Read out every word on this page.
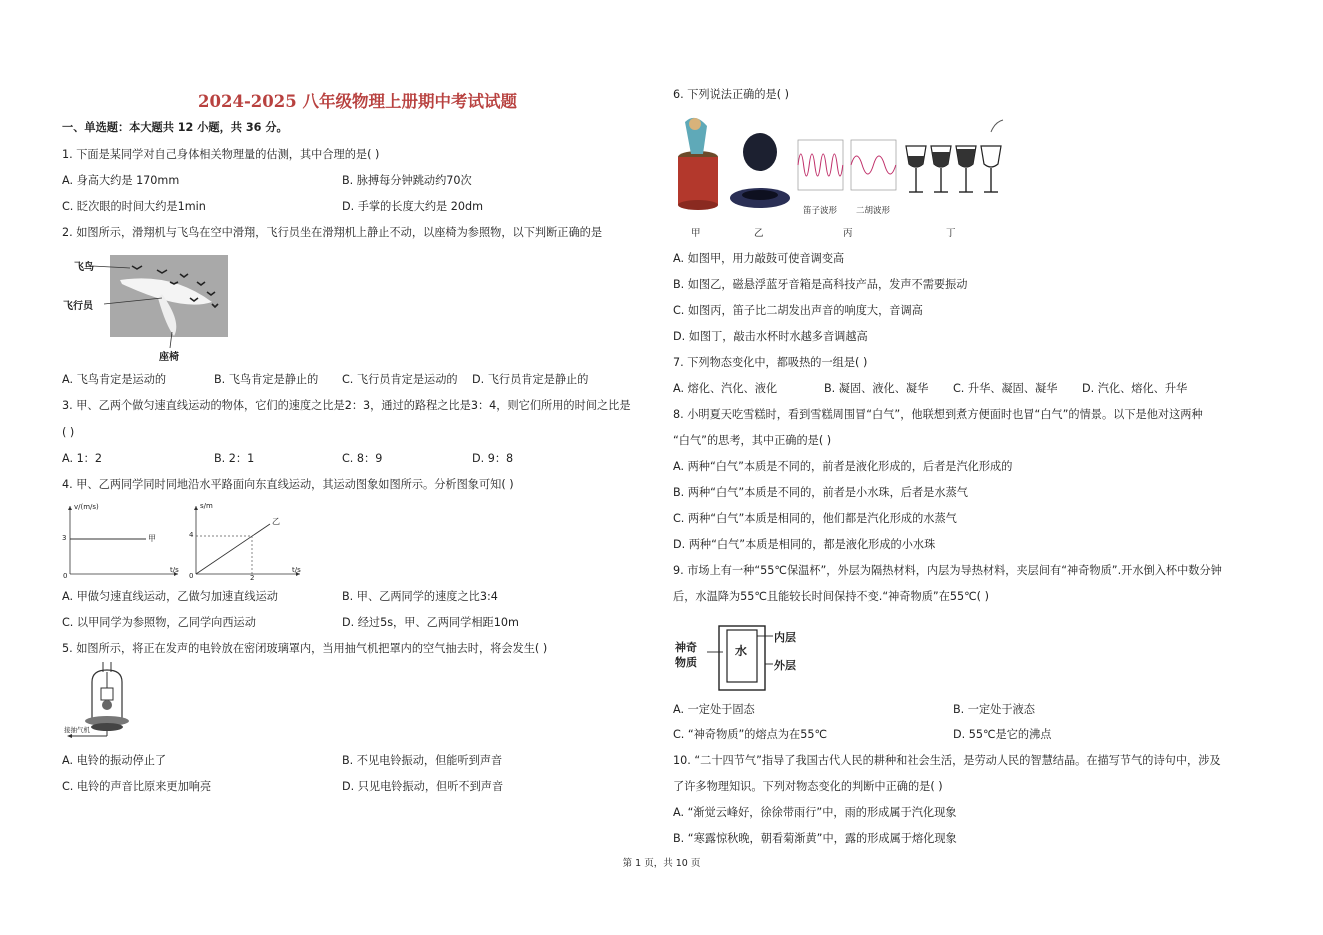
2024-2025 八年级物理上册期中考试试题
一、单选题：本大题共 12 小题，共 36 分。
1. 下面是某同学对自己身体相关物理量的估测，其中合理的是( )
A. 身高大约是 170mm	B. 脉搏每分钟跳动约70次
C. 眨次眼的时间大约是1min	D. 手掌的长度大约是 20dm
2. 如图所示，滑翔机与飞鸟在空中滑翔，飞行员坐在滑翔机上静止不动，以座椅为参照物，以下判断正确的是
飞鸟
飞行员
座椅
A. 飞鸟肯定是运动的	B. 飞鸟肯定是静止的 C. 飞行员肯定是运动的 D. 飞行员肯定是静止的
3. 甲、乙两个做匀速直线运动的物体，它们的速度之比是2：3，通过的路程之比是3：4，则它们所用的时间之比是
( )
A. 1：2	B. 2：1	C. 8：9	D. 9：8
4. 甲、乙两同学同时同地沿水平路面向东直线运动，其运动图象如图所示。分析图象可知( )
v/(m/s)
3
0
甲
t/s
s/m
4
0	2
乙
t/s
A. 甲做匀速直线运动，乙做匀加速直线运动	B. 甲、乙两同学的速度之比3:4
C. 以甲同学为参照物，乙同学向西运动	D. 经过5s，甲、乙两同学相距10m
5. 如图所示，将正在发声的电铃放在密闭玻璃罩内，当用抽气机把罩内的空气抽去时，将会发生( )
接抽气机
A. 电铃的振动停止了	B. 不见电铃振动，但能听到声音
C. 电铃的声音比原来更加响亮	D. 只见电铃振动，但听不到声音
6. 下列说法正确的是( )
笛子波形 二胡波形
甲	乙	丙	丁
A. 如图甲，用力敲鼓可使音调变高
B. 如图乙，磁悬浮蓝牙音箱是高科技产品，发声不需要振动
C. 如图丙，笛子比二胡发出声音的响度大，音调高
D. 如图丁，敲击水杯时水越多音调越高
7. 下列物态变化中，都吸热的一组是( )
A. 熔化、汽化、液化	B. 凝固、液化、凝华 C. 升华、凝固、凝华 D. 汽化、熔化、升华
8. 小明夏天吃雪糕时，看到雪糕周围冒“白气”，他联想到煮方便面时也冒“白气”的情景。以下是他对这两种
“白气”的思考，其中正确的是( )
A. 两种“白气”本质是不同的，前者是液化形成的，后者是汽化形成的
B. 两种“白气”本质是不同的，前者是小水珠，后者是水蒸气
C. 两种“白气”本质是相同的，他们都是汽化形成的水蒸气
D. 两种“白气”本质是相同的，都是液化形成的小水珠
9. 市场上有一种“55℃保温杯”，外层为隔热材料，内层为导热材料，夹层间有“神奇物质”.开水倒入杯中数分钟
后，水温降为55℃且能较长时间保持不变.“神奇物质”在55℃( )
神奇
物质
水
内层
外层
A. 一定处于固态	B. 一定处于液态
C. “神奇物质”的熔点为在55℃	D. 55℃是它的沸点
10. “二十四节气”指导了我国古代人民的耕种和社会生活，是劳动人民的智慧结晶。在描写节气的诗句中，涉及
了许多物理知识。下列对物态变化的判断中正确的是( )
A. “渐觉云峰好，徐徐带雨行”中，雨的形成属于汽化现象
B. “寒露惊秋晚，朝看菊渐黄”中，露的形成属于熔化现象
第 1 页，共 10 页
